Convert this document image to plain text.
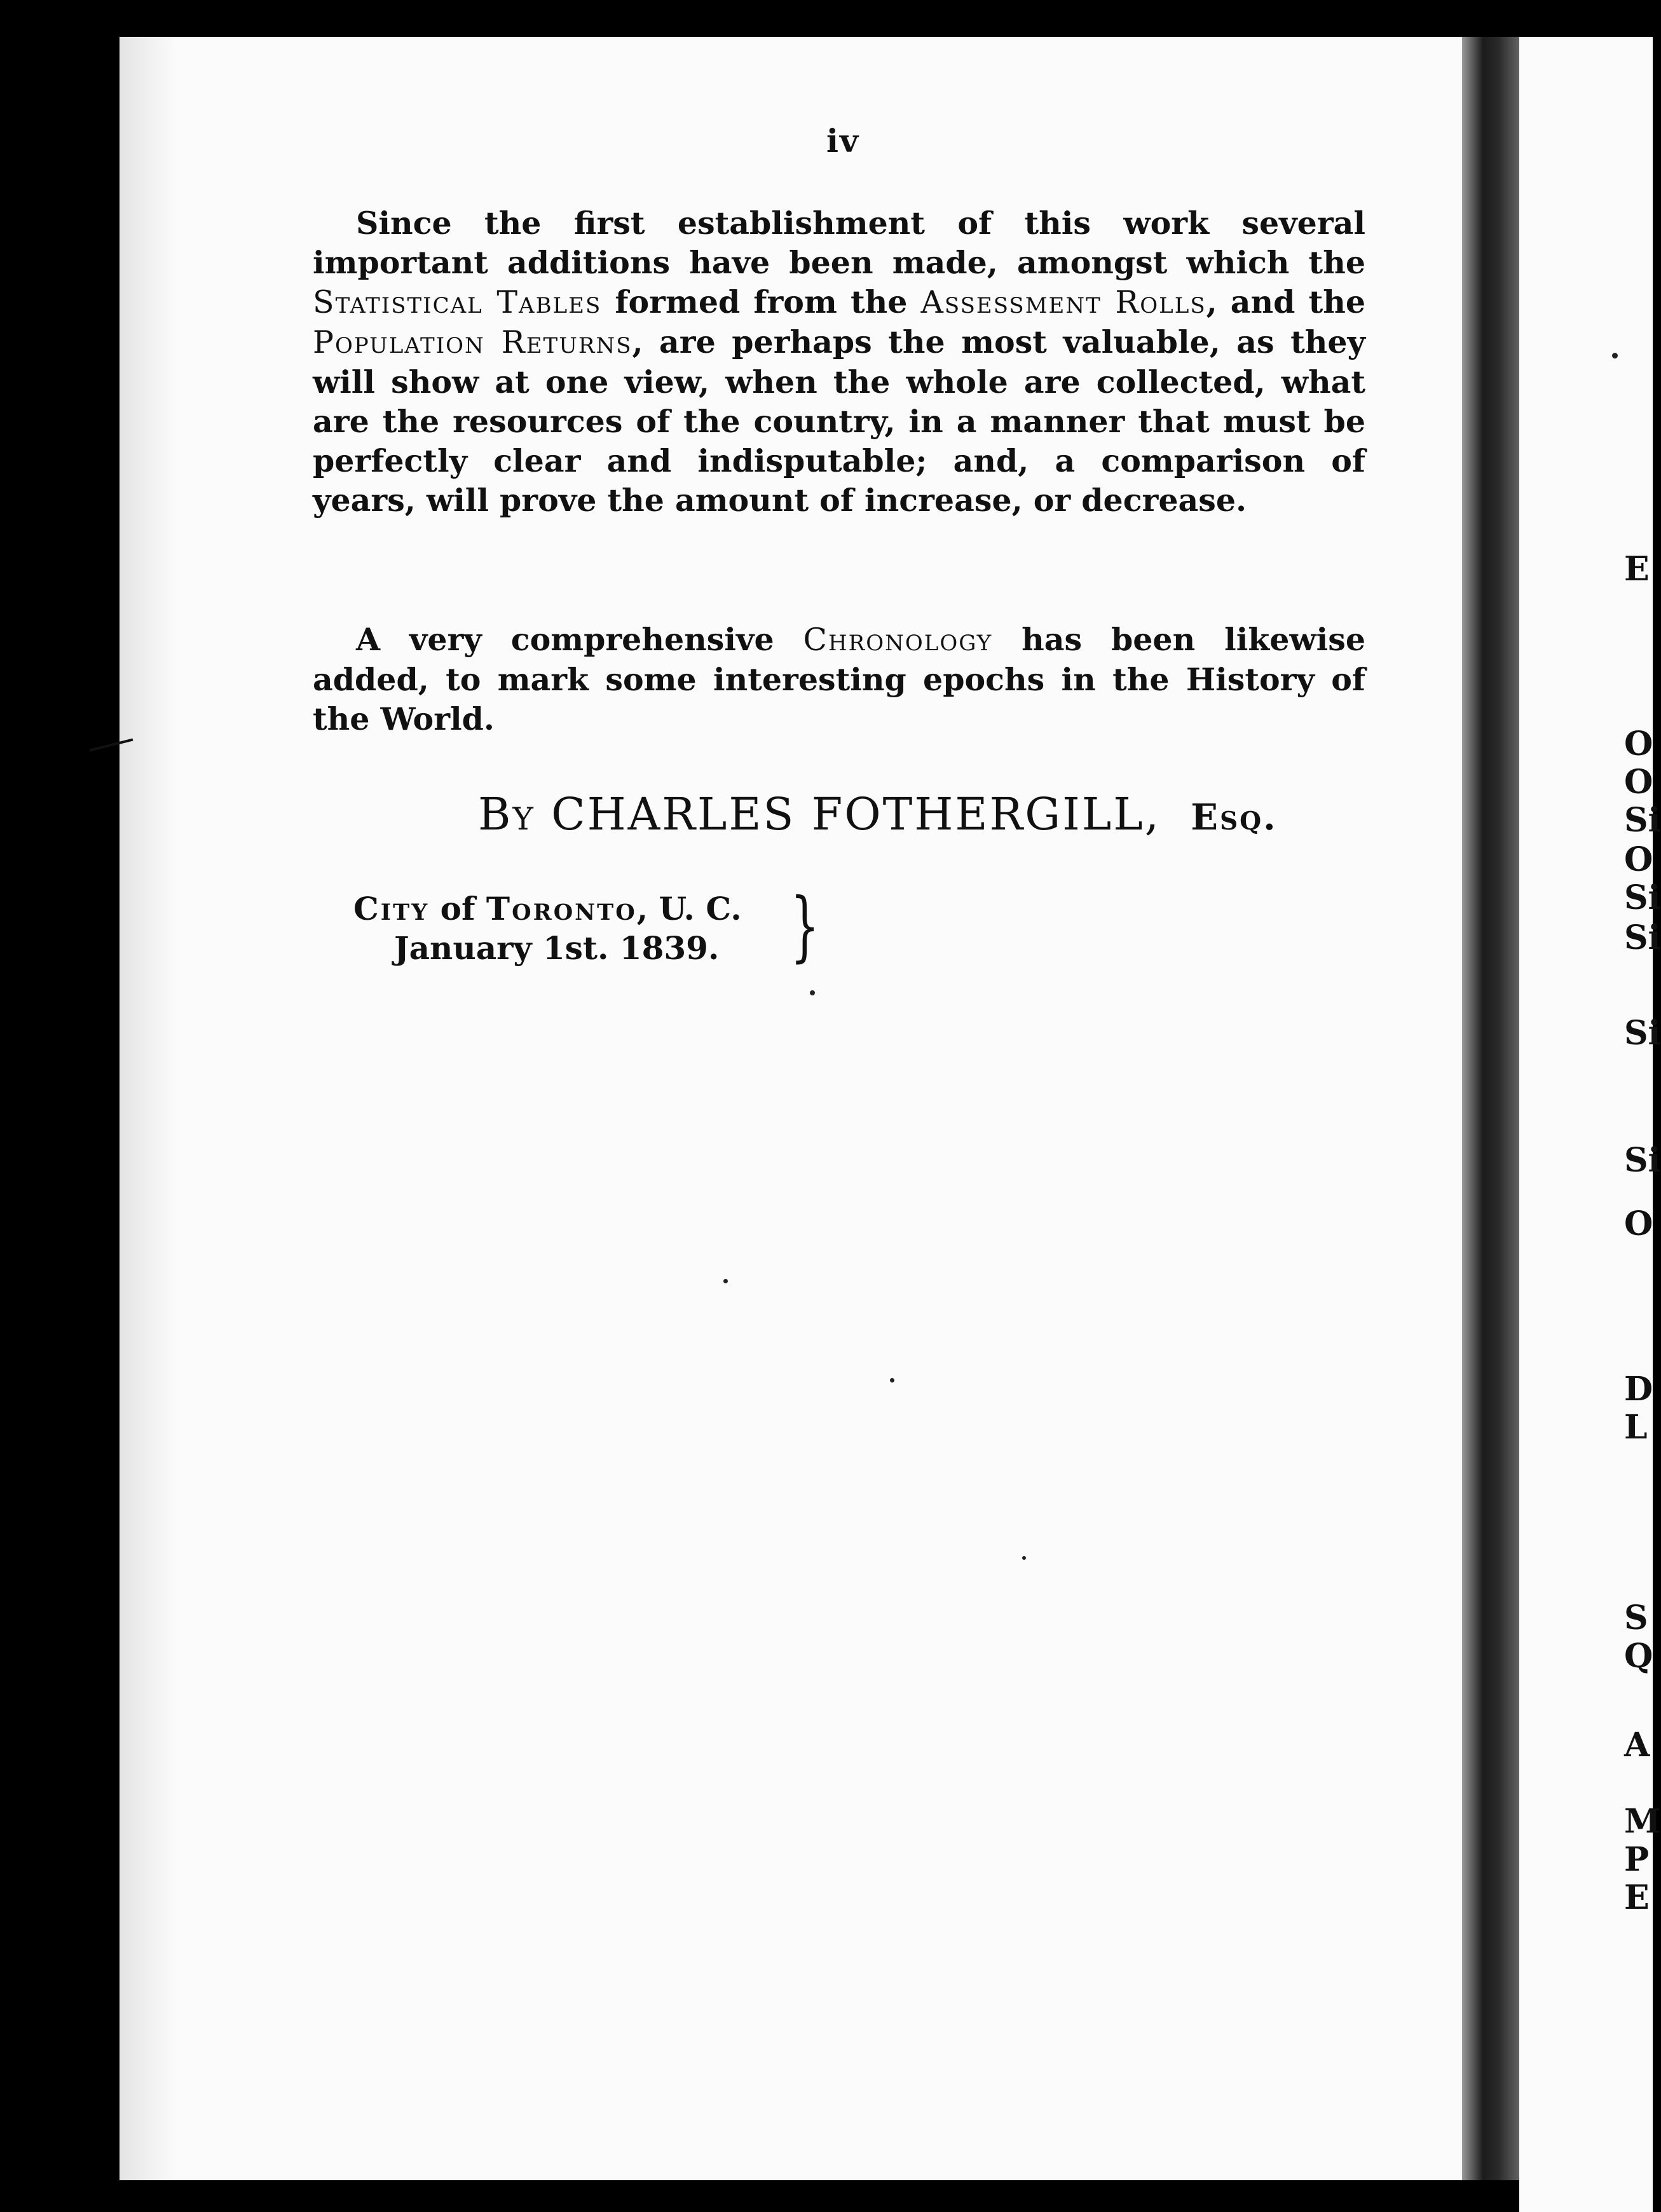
iv

Since the first establishment of this work several important additions have been made, amongst which the Statistical Tables formed from the Assessment Rolls, and the Population Returns, are perhaps the most valuable, as they will show at one view, when the whole are collected, what are the resources of the country, in a manner that must be perfectly clear and indisputable; and, a comparison of years, will prove the amount of increase, or decrease.

A very comprehensive Chronology has been likewise added, to mark some interesting epochs in the History of the World.

By CHARLES FOTHERGILL, Esq.
City of Toronto, U. C.
January 1st. 1839. }
E
O
O
Si
O
Si
Si
Si
Si
O
D
L
S
Q
A
M
P
E
